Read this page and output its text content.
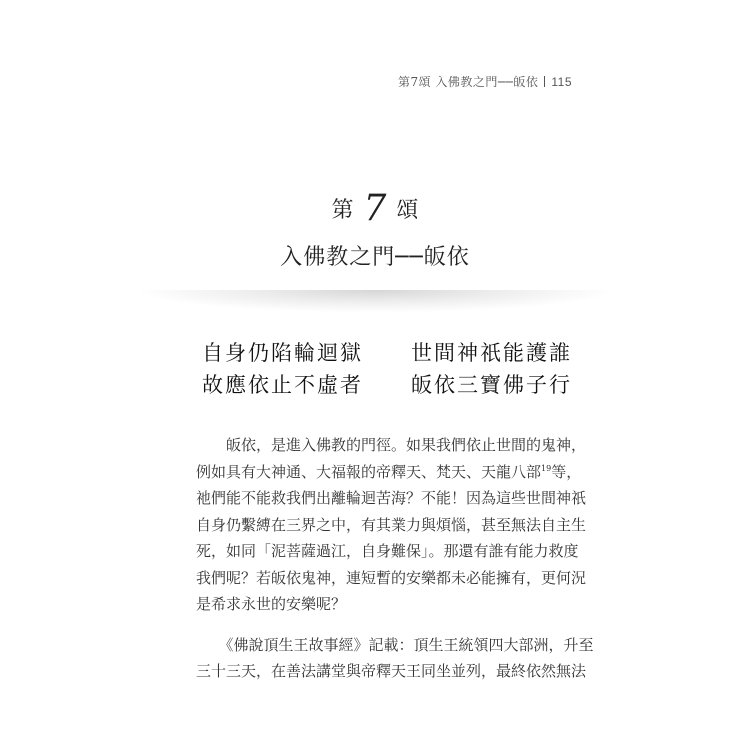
第7頌 入佛教之門──皈依 115
第 7 頌
入佛教之門──皈依
自身仍陷輪迴獄 世間神祇能護誰
故應依止不虛者 皈依三寶佛子行

　　皈依，是進入佛教的門徑。如果我們依止世間的鬼神，

例如具有大神通、大福報的帝釋天、梵天、天龍八部$^{19}$等，

祂們能不能救我們出離輪迴苦海？不能！因為這些世間神祇

自身仍繫縛在三界之中，有其業力與煩惱，甚至無法自主生

死，如同「泥菩薩過江，自身難保」。那還有誰有能力救度

我們呢？若皈依鬼神，連短暫的安樂都未必能擁有，更何況

是希求永世的安樂呢？

　　《佛說頂生王故事經》記載：頂生王統領四大部洲，升至

三十三天，在善法講堂與帝釋天王同坐並列，最終依然無法
